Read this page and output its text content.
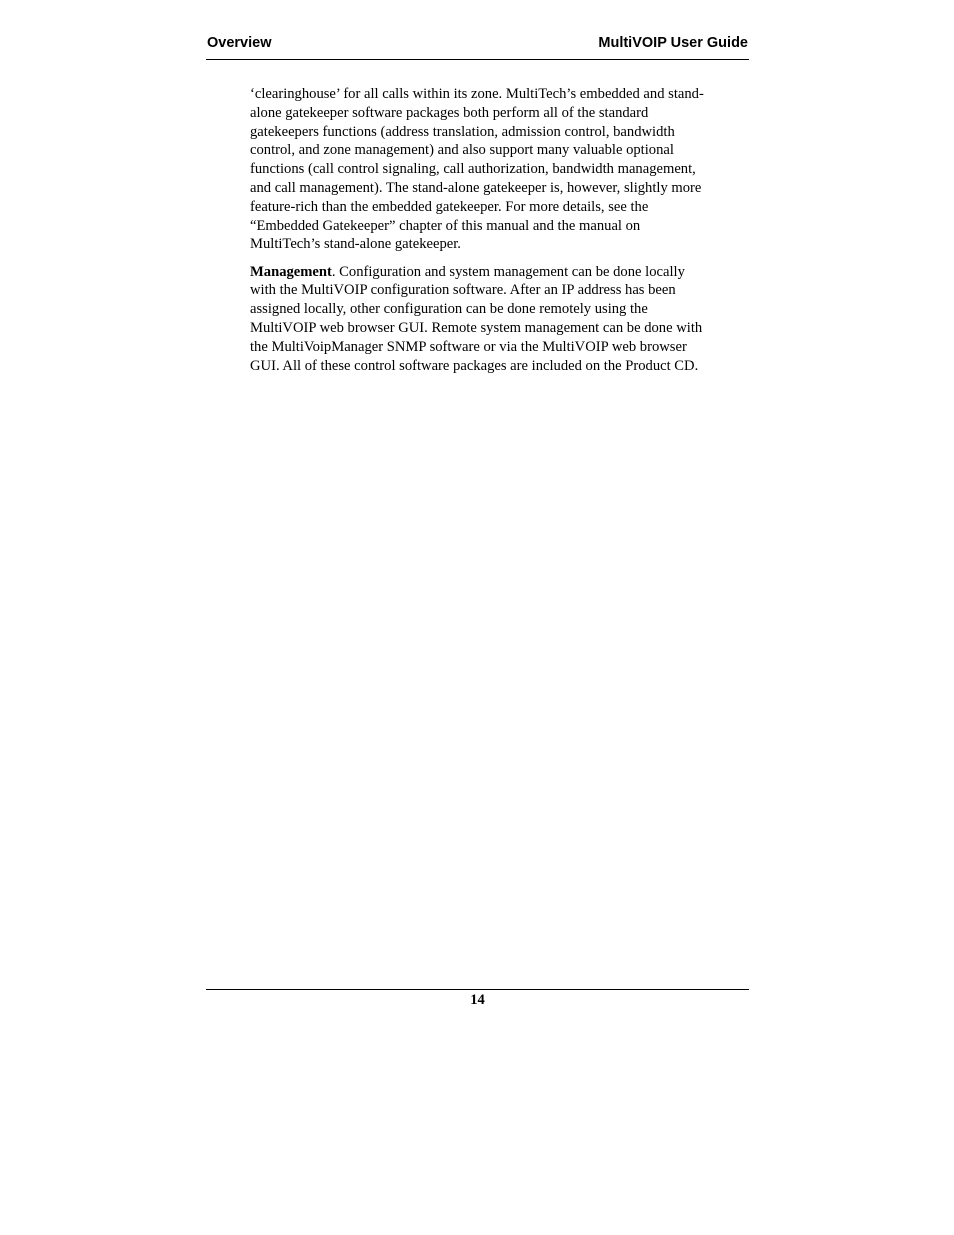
Overview	MultiVOIP User Guide

‘clearinghouse’ for all calls within its zone. MultiTech’s embedded and stand-
alone gatekeeper software packages both perform all of the standard
gatekeepers functions (address translation, admission control, bandwidth
control, and zone management) and also support many valuable optional
functions (call control signaling, call authorization, bandwidth management,
and call management). The stand-alone gatekeeper is, however, slightly more
feature-rich than the embedded gatekeeper. For more details, see the
“Embedded Gatekeeper” chapter of this manual and the manual on
MultiTech’s stand-alone gatekeeper.

Management. Configuration and system management can be done locally
with the MultiVOIP configuration software. After an IP address has been
assigned locally, other configuration can be done remotely using the
MultiVOIP web browser GUI. Remote system management can be done with
the MultiVoipManager SNMP software or via the MultiVOIP web browser
GUI. All of these control software packages are included on the Product CD.

14
